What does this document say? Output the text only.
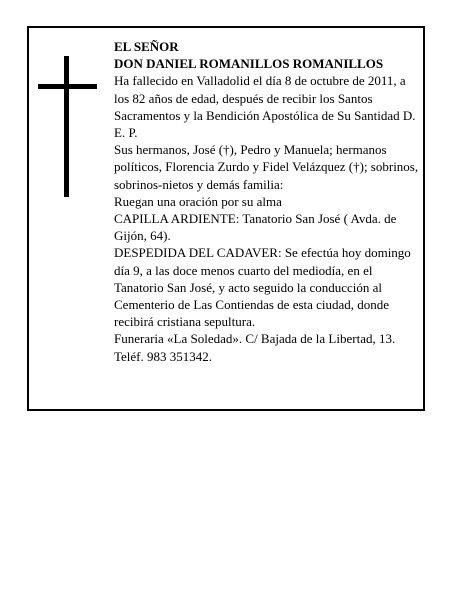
EL SEÑOR

DON DANIEL ROMANILLOS ROMANILLOS

Ha fallecido en Valladolid el día 8 de octubre de 2011, a los 82 años de edad, después de recibir los Santos Sacramentos y la Bendición Apostólica de Su Santidad D. E. P.

Sus hermanos, José (†), Pedro y Manuela; hermanos políticos, Florencia Zurdo y Fidel Velázquez (†); sobrinos, sobrinos-nietos y demás familia:

Ruegan una oración por su alma

CAPILLA ARDIENTE: Tanatorio San José ( Avda. de Gijón, 64).

DESPEDIDA DEL CADAVER: Se efectúa hoy domingo día 9, a las doce menos cuarto del mediodía, en el Tanatorio San José, y acto seguido la conducción al Cementerio de Las Contiendas de esta ciudad, donde recibirá cristiana sepultura.

Funeraria «La Soledad». C/ Bajada de la Libertad, 13. Teléf. 983 351342.
